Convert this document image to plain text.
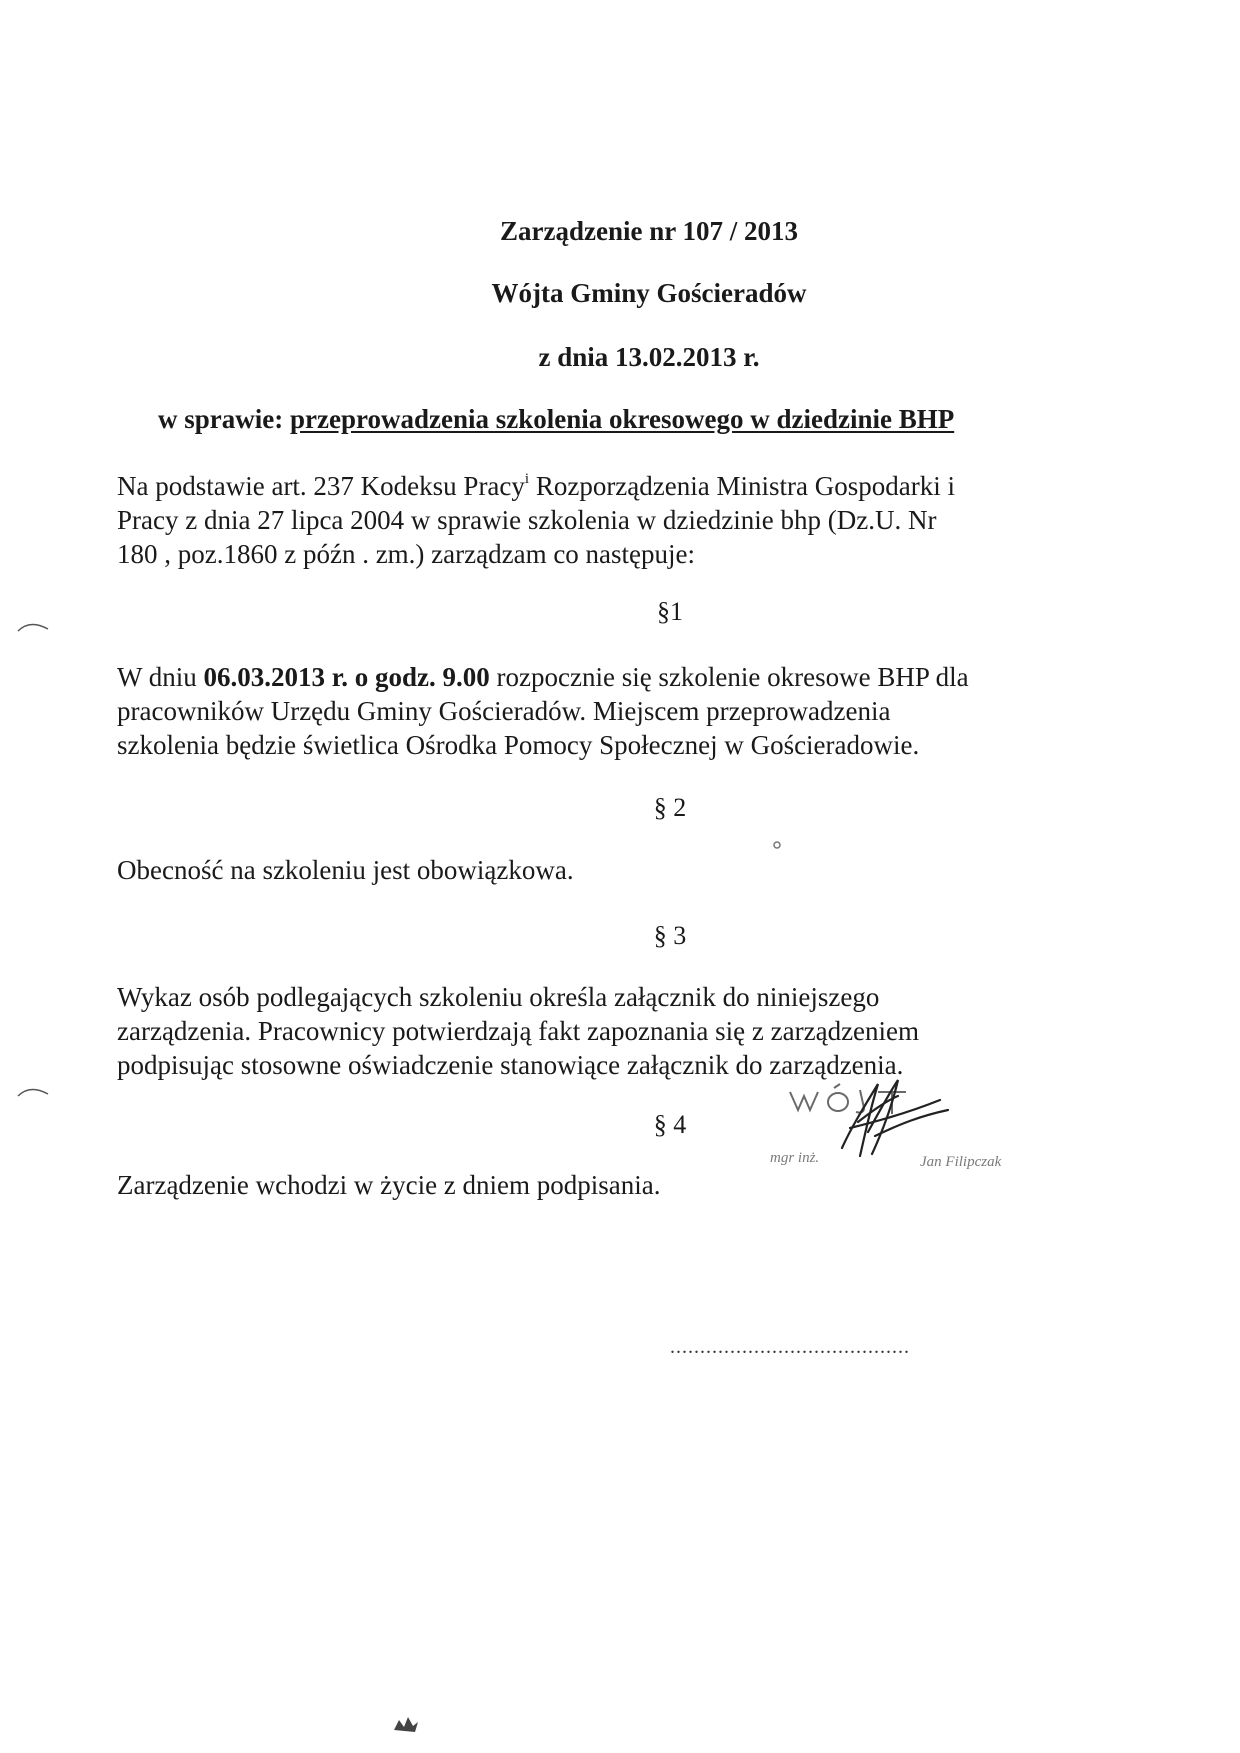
Zarządzenie nr 107 / 2013
Wójta Gminy Gościeradów
z dnia 13.02.2013 r.
w sprawie: przeprowadzenia szkolenia okresowego w dziedzinie BHP
Na podstawie art. 237 Kodeksu Pracy$^i$ Rozporządzenia Ministra Gospodarki i
Pracy z dnia 27 lipca 2004 w sprawie szkolenia w dziedzinie bhp (Dz.U. Nr
180 , poz.1860 z późn . zm.) zarządzam co następuje:
§1
W dniu 06.03.2013 r. o godz. 9.00 rozpocznie się szkolenie okresowe BHP dla
pracowników Urzędu Gminy Gościeradów. Miejscem przeprowadzenia
szkolenia będzie świetlica Ośrodka Pomocy Społecznej w Gościeradowie.
§ 2
Obecność na szkoleniu jest obowiązkowa.
§ 3
Wykaz osób podlegających szkoleniu określa załącznik do niniejszego
zarządzenia. Pracownicy potwierdzają fakt zapoznania się z zarządzeniem
podpisując stosowne oświadczenie stanowiące załącznik do zarządzenia.
§ 4
Zarządzenie wchodzi w życie z dniem podpisania.
mgr inż.	Jan Filipczak
........................................
